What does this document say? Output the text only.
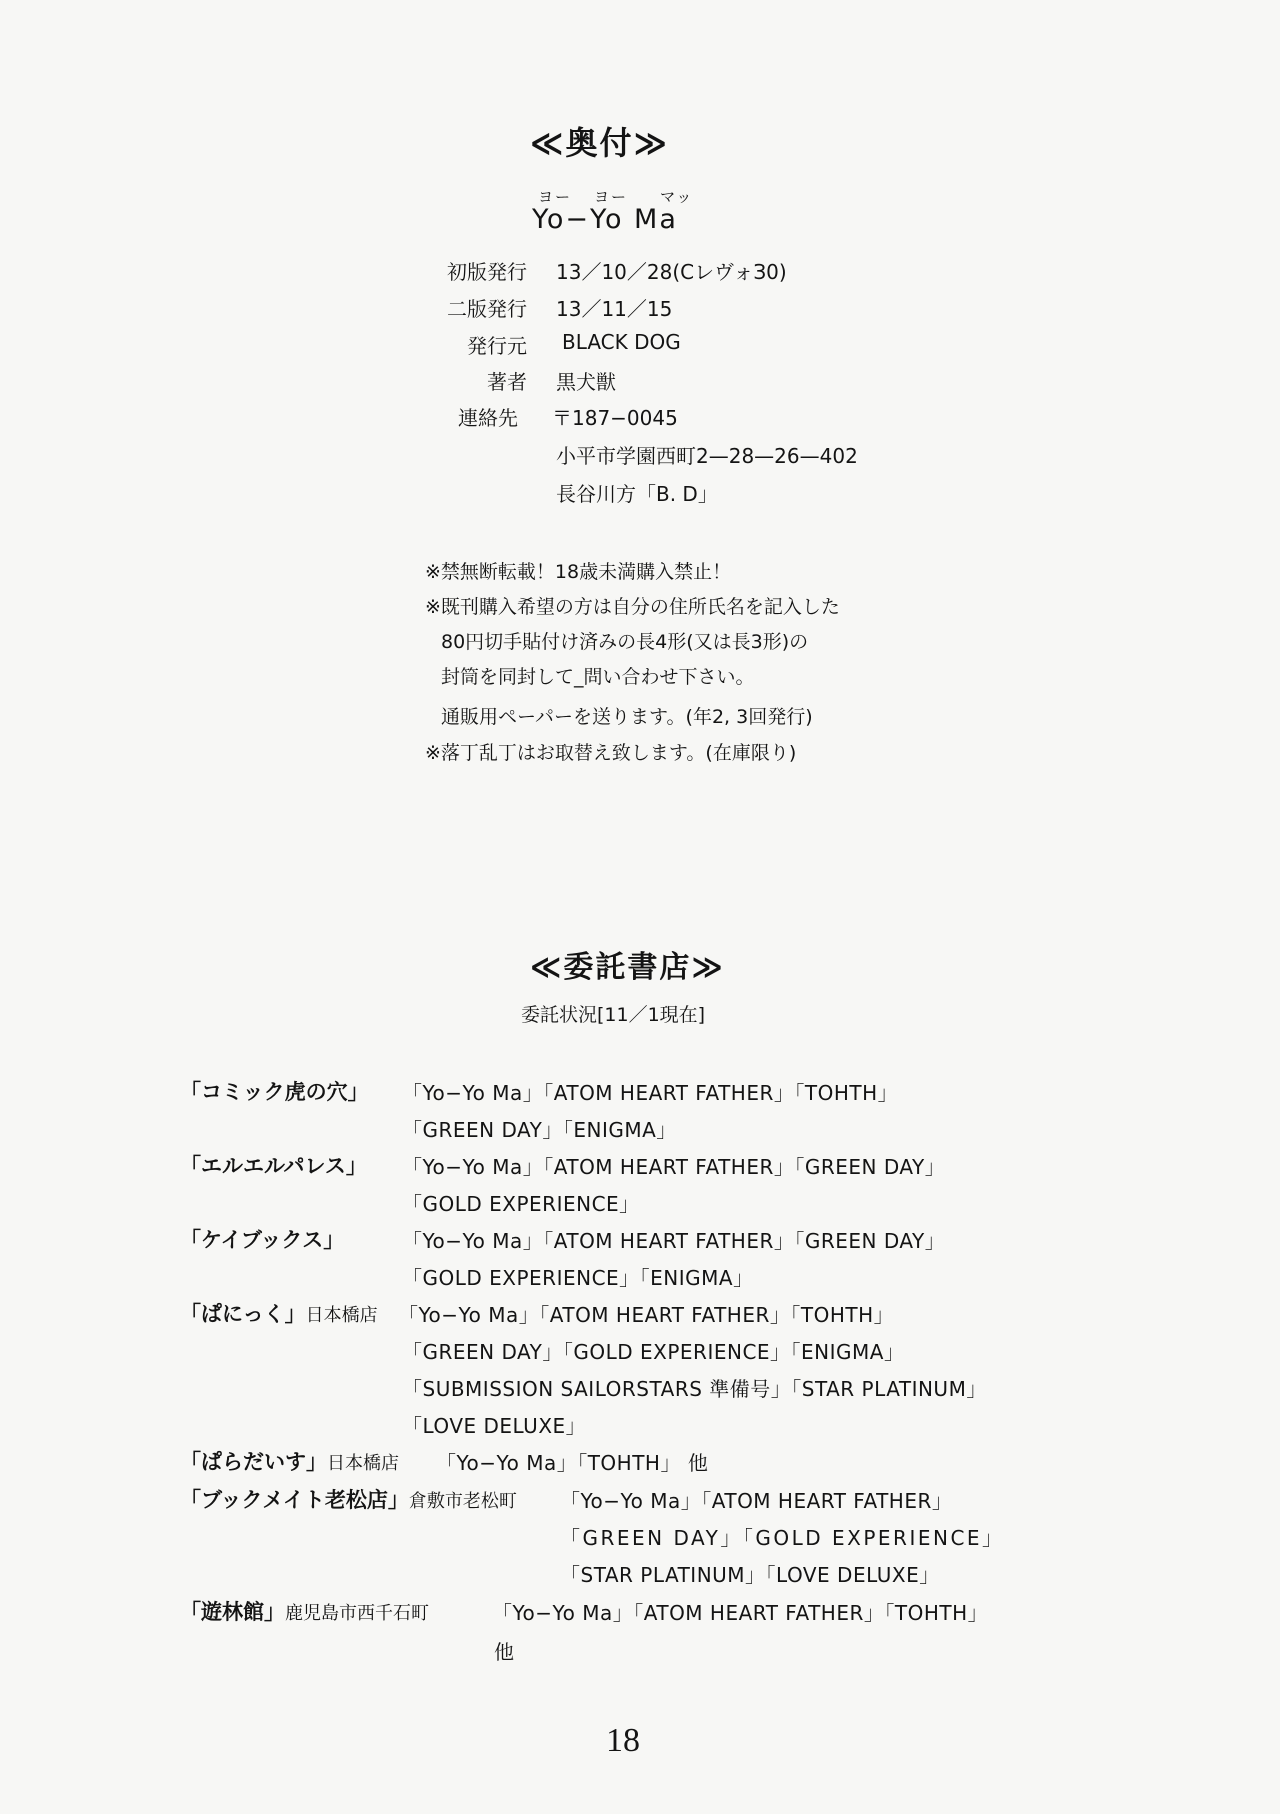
≪奥付≫
ヨー ヨー マッ
Yo−Yo Ma
初版発行 13／10／28(CレヴォЗ0)
二版発行 13／11／15
発行元 BLACK DOG
著者 黒犬獣
連絡先 〒187−0045
小平市学園西町2—28—26—402
長谷川方「B. D」
※禁無断転載！18歳未満購入禁止！
※既刊購入希望の方は自分の住所氏名を記入した
80円切手貼付け済みの長4形(又は長3形)の
封筒を同封して_問い合わせ下さい。
通販用ペーパーを送ります。(年2, 3回発行)
※落丁乱丁はお取替え致します。(在庫限り)
≪委託書店≫
委託状況[11／1現在]
「コミック虎の穴」 「Yo−Yo Ma」「ATOM HEART FATHER」「TOHTH」
「GREEN DAY」「ENIGMA」
「エルエルパレス」 「Yo−Yo Ma」「ATOM HEART FATHER」「GREEN DAY」
「GOLD EXPERIENCE」
「ケイブックス」	「Yo−Yo Ma」「ATOM HEART FATHER」「GREEN DAY」
「GOLD EXPERIENCE」「ENIGMA」
「ぱにっく」日本橋店 「Yo−Yo Ma」「ATOM HEART FATHER」「TOHTH」
「GREEN DAY」「GOLD EXPERIENCE」「ENIGMA」
「SUBMISSION SAILORSTARS 準備号」「STAR PLATINUM」
「LOVE DELUXE」
「ぱらだいす」日本橋店 「Yo−Yo Ma」「TOHTH」 他
「ブックメイト老松店」倉敷市老松町 「Yo−Yo Ma」「ATOM HEART FATHER」
「GREEN DAY」「GOLD EXPERIENCE」
「STAR PLATINUM」「LOVE DELUXE」
「遊林館」鹿児島市西千石町	「Yo−Yo Ma」「ATOM HEART FATHER」「TOHTH」
他
18
